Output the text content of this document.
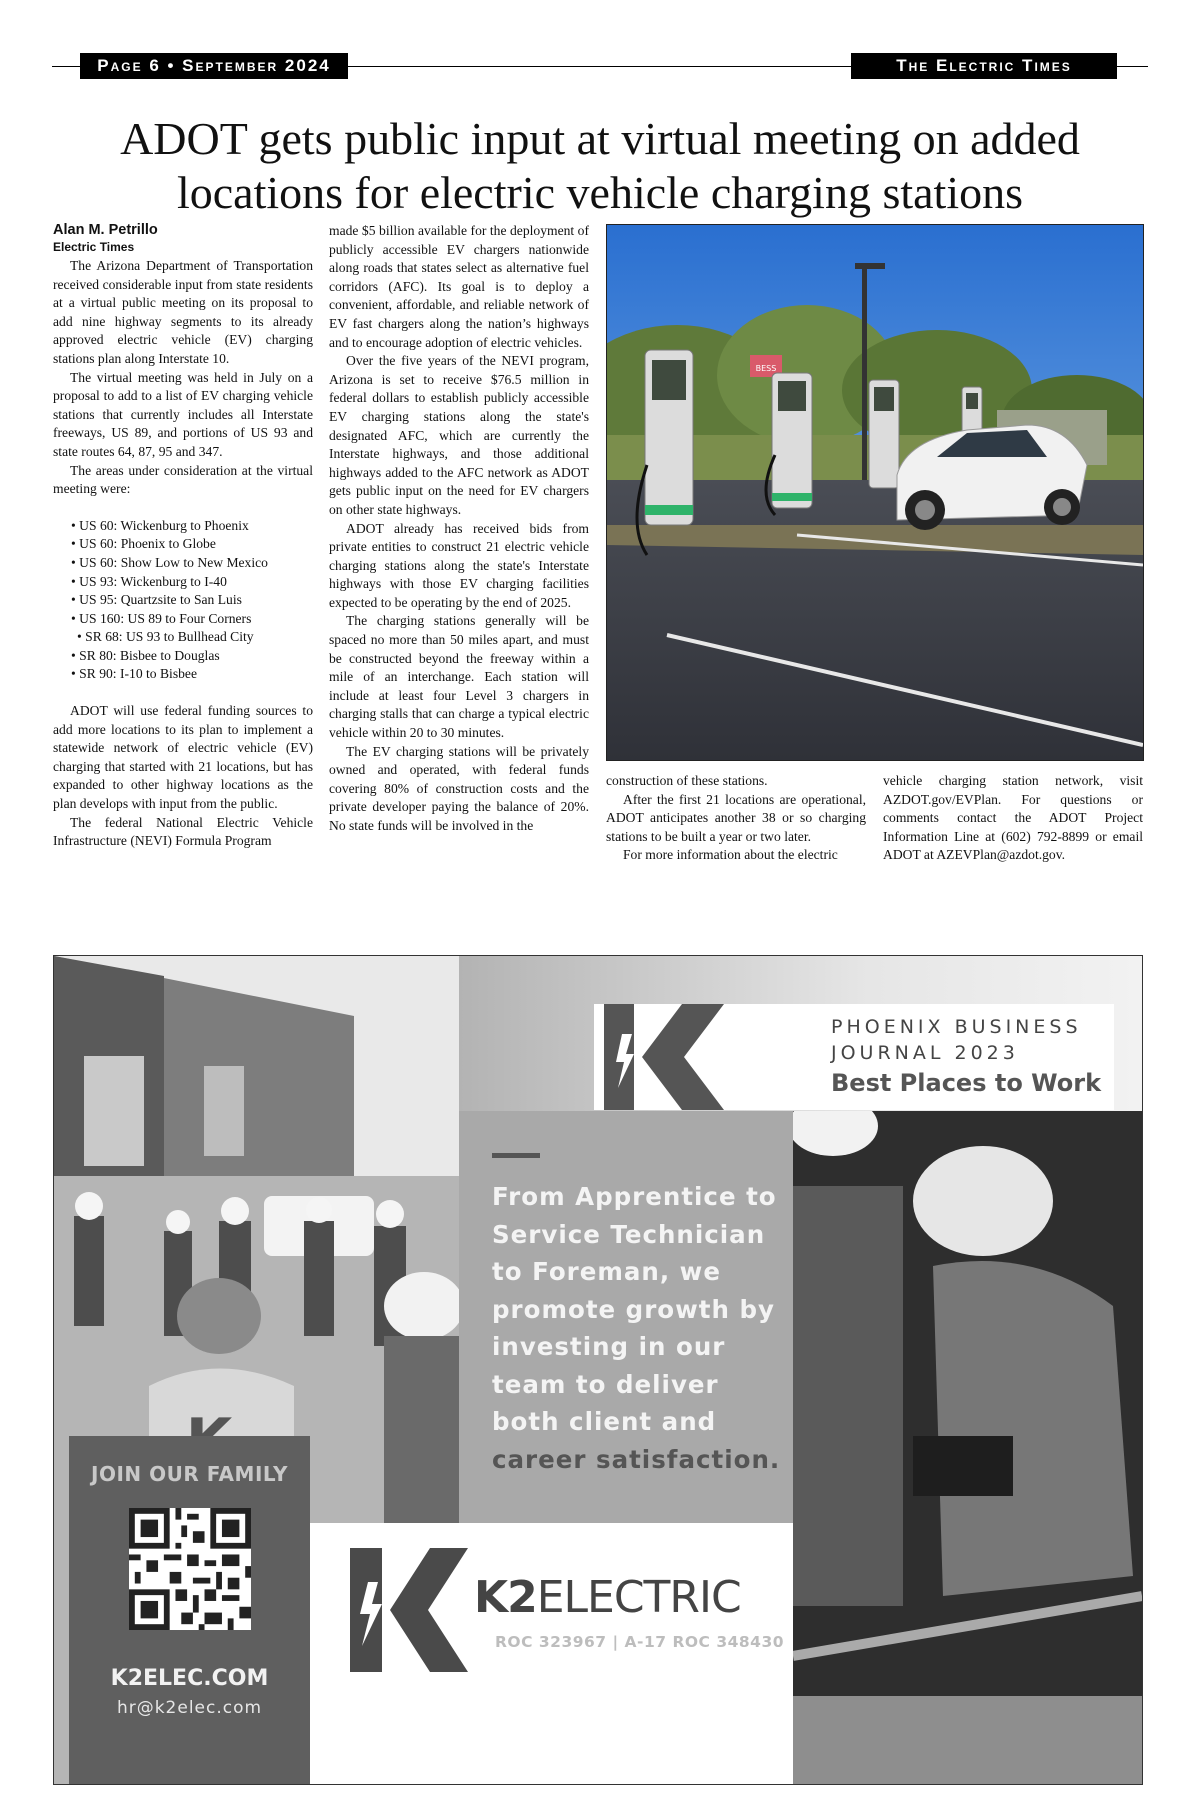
Page 6 • September 2024	The Electric Times
ADOT gets public input at virtual meeting on added locations for electric vehicle charging stations

Alan M. Petrillo

Electric Times

The Arizona Department of Transportation received considerable input from state residents at a virtual public meeting on its proposal to add nine highway segments to its already approved electric vehicle (EV) charging stations plan along Interstate 10.

The virtual meeting was held in July on a proposal to add to a list of EV charging vehicle stations that currently includes all Interstate freeways, US 89, and portions of US 93 and state routes 64, 87, 95 and 347.

The areas under consideration at the virtual meeting were:

• US 60: Wickenburg to Phoenix
• US 60: Phoenix to Globe
• US 60: Show Low to New Mexico
• US 93: Wickenburg to I-40
• US 95: Quartzsite to San Luis
• US 160: US 89 to Four Corners
• SR 68: US 93 to Bullhead City
• SR 80: Bisbee to Douglas
• SR 90: I-10 to Bisbee

ADOT will use federal funding sources to add more locations to its plan to implement a statewide network of electric vehicle (EV) charging that started with 21 locations, but has expanded to other highway locations as the plan develops with input from the public.

The federal National Electric Vehicle Infrastructure (NEVI) Formula Program

made $5 billion available for the deployment of publicly accessible EV chargers nationwide along roads that states select as alternative fuel corridors (AFC). Its goal is to deploy a convenient, affordable, and reliable network of EV fast chargers along the nation’s highways and to encourage adoption of electric vehicles.

Over the five years of the NEVI program, Arizona is set to receive $76.5 million in federal dollars to establish publicly accessible EV charging stations along the state's designated AFC, which are currently the Interstate highways, and those additional highways added to the AFC network as ADOT gets public input on the need for EV chargers on other state highways.

ADOT already has received bids from private entities to construct 21 electric vehicle charging stations along the state's Interstate highways with those EV charging facilities expected to be operating by the end of 2025.

The charging stations generally will be spaced no more than 50 miles apart, and must be constructed beyond the freeway within a mile of an interchange. Each station will include at least four Level 3 chargers in charging stalls that can charge a typical electric vehicle within 20 to 30 minutes.

The EV charging stations will be privately owned and operated, with federal funds covering 80% of construction costs and the private developer paying the balance of 20%. No state funds will be involved in the

BESS

construction of these stations.

After the first 21 locations are operational, ADOT anticipates another 38 or so charging stations to be built a year or two later.

For more information about the electric

vehicle charging station network, visit AZDOT.gov/EVPlan. For questions or comments contact the ADOT Project Information Line at (602) 792-8899 or email ADOT at AZEVPlan@azdot.gov.

PHOENIX BUSINESS
JOURNAL 2023
Best Places to Work
From Apprentice to Service Technician to Foreman, we promote growth by investing in our team to deliver both client and career satisfaction.
JOIN OUR FAMILY
K2ELEC.COM
hr@k2elec.com
K2ELECTRIC
ROC 323967 | A-17 ROC 348430
